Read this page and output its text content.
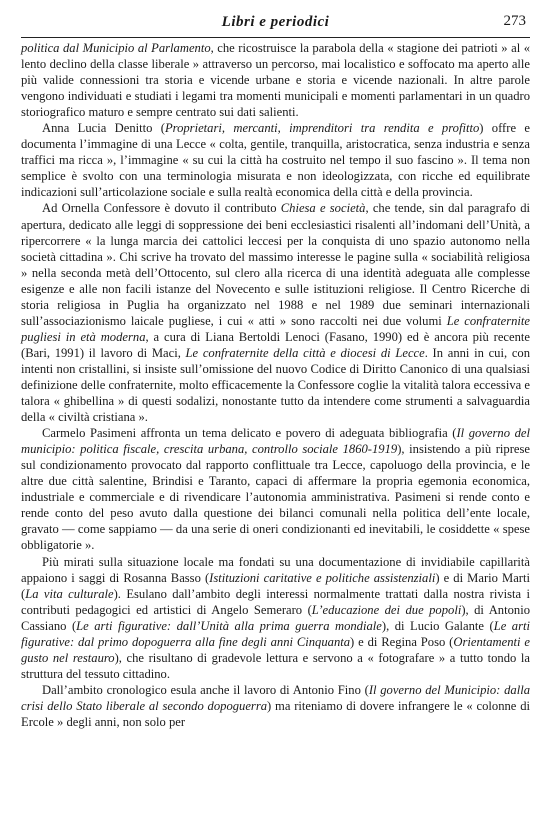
Libri e periodici	273

politica dal Municipio al Parlamento, che ricostruisce la parabola della « stagione dei patrioti » al « lento declino della classe liberale » attraverso un percorso, mai localistico e soffocato ma aperto alle più valide connessioni tra storia e vicende urbane e storia e vicende nazionali. In altre parole vengono individuati e studiati i legami tra momenti municipali e momenti parlamentari in un quadro storiografico maturo e sempre centrato sui dati salienti.

Anna Lucia Denitto (Proprietari, mercanti, imprenditori tra rendita e profitto) offre e documenta l’immagine di una Lecce « colta, gentile, tranquilla, aristocratica, senza industria e senza traffici ma ricca », l’immagine « su cui la città ha costruito nel tempo il suo fascino ». Il tema non semplice è svolto con una terminologia misurata e non ideologizzata, con ricche ed equilibrate indicazioni sull’articolazione sociale e sulla realtà economica della città e della provincia.

Ad Ornella Confessore è dovuto il contributo Chiesa e società, che tende, sin dal paragrafo di apertura, dedicato alle leggi di soppressione dei beni ecclesiastici risalenti all’indomani dell’Unità, a ripercorrere « la lunga marcia dei cattolici leccesi per la conquista di uno spazio autonomo nella società cittadina ». Chi scrive ha trovato del massimo interesse le pagine sulla « sociabilità religiosa » nella seconda metà dell’Ottocento, sul clero alla ricerca di una identità adeguata alle complesse esigenze e alle non facili istanze del Novecento e sulle istituzioni religiose. Il Centro Ricerche di storia religiosa in Puglia ha organizzato nel 1988 e nel 1989 due seminari internazionali sull’associazionismo laicale pugliese, i cui « atti » sono raccolti nei due volumi Le confraternite pugliesi in età moderna, a cura di Liana Bertoldi Lenoci (Fasano, 1990) ed è ancora più recente (Bari, 1991) il lavoro di Maci, Le confraternite della città e diocesi di Lecce. In anni in cui, con intenti non cristallini, si insiste sull’omissione del nuovo Codice di Diritto Canonico di una qualsiasi definizione delle confraternite, molto efficacemente la Confessore coglie la vitalità talora eccessiva e talora « ghibellina » di questi sodalizi, nonostante tutto da intendere come strumenti a salvaguardia della « civiltà cristiana ».

Carmelo Pasimeni affronta un tema delicato e povero di adeguata bibliografia (Il governo del municipio: politica fiscale, crescita urbana, controllo sociale 1860-1919), insistendo a più riprese sul condizionamento provocato dal rapporto conflittuale tra Lecce, capoluogo della provincia, e le altre due città salentine, Brindisi e Taranto, capaci di affermare la propria egemonia economica, industriale e commerciale e di rivendicare l’autonomia amministrativa. Pasimeni si rende conto e rende conto del peso avuto dalla questione dei bilanci comunali nella politica dell’ente locale, gravato — come sappiamo — da una serie di oneri condizionanti ed inevitabili, le cosiddette « spese obbligatorie ».

Più mirati sulla situazione locale ma fondati su una documentazione di invidiabile capillarità appaiono i saggi di Rosanna Basso (Istituzioni caritative e politiche assistenziali) e di Mario Marti (La vita culturale). Esulano dall’ambito degli interessi normalmente trattati dalla nostra rivista i contributi pedagogici ed artistici di Angelo Semeraro (L’educazione dei due popoli), di Antonio Cassiano (Le arti figurative: dall’Unità alla prima guerra mondiale), di Lucio Galante (Le arti figurative: dal primo dopoguerra alla fine degli anni Cinquanta) e di Regina Poso (Orientamenti e gusto nel restauro), che risultano di gradevole lettura e servono a « fotografare » a tutto tondo la struttura del tessuto cittadino.

Dall’ambito cronologico esula anche il lavoro di Antonio Fino (Il governo del Municipio: dalla crisi dello Stato liberale al secondo dopoguerra) ma riteniamo di dovere infrangere le « colonne di Ercole » degli anni, non solo per
